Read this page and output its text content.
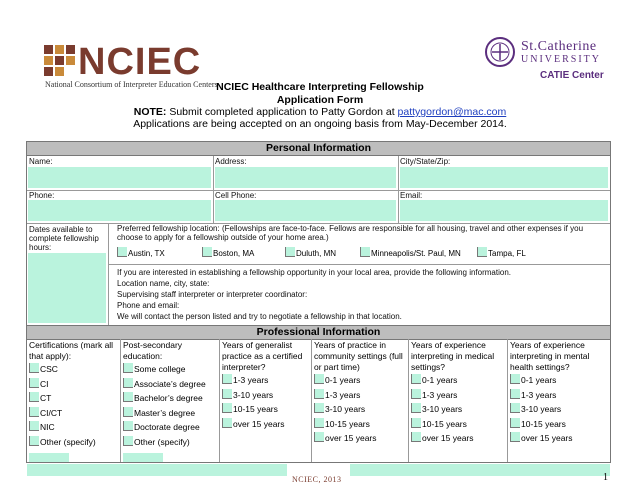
NCIEC
National Consortium of Interpreter Education Centers
St.Catherine
UNIVERSITY
CATIE Center
NCIEC Healthcare Interpreting Fellowship
Application Form
NOTE: Submit completed application to Patty Gordon at pattygordon@mac.com
Applications are being accepted on an ongoing basis from May-December 2014.
Personal Information
Name:	Address:	City/State/Zip:
Phone:	Cell Phone:	Email:
Dates available to complete fellowship hours:
Preferred fellowship location: (Fellowships are face-to-face. Fellows are responsible for all housing, travel and other expenses if you choose to apply for a fellowship outside of your home area.)
Austin, TX	Boston, MA	Duluth, MN	Minneapolis/St. Paul, MN	Tampa, FL
If you are interested in establishing a fellowship opportunity in your local area, provide the following information.
Location name, city, state:
Supervising staff interpreter or interpreter coordinator:
Phone and email:
We will contact the person listed and try to negotiate a fellowship in that location.
Professional Information
Certifications (mark all that apply):
CSC
CI
CT
CI/CT
NIC
Other (specify)
Post-secondary education:
Some college
Associate’s degree
Bachelor’s degree
Master’s degree
Doctorate degree
Other (specify)
Years of generalist practice as a certified interpreter?
1-3 years
3-10 years
10-15 years
over 15 years
Years of practice in community settings (full or part time)
0-1 years
1-3 years
3-10 years
10-15 years
over 15 years
Years of experience interpreting in medical settings?
0-1 years
1-3 years
3-10 years
10-15 years
over 15 years
Years of experience interpreting in mental health settings?
0-1 years
1-3 years
3-10 years
10-15 years
over 15 years
NCIEC, 2013	1
